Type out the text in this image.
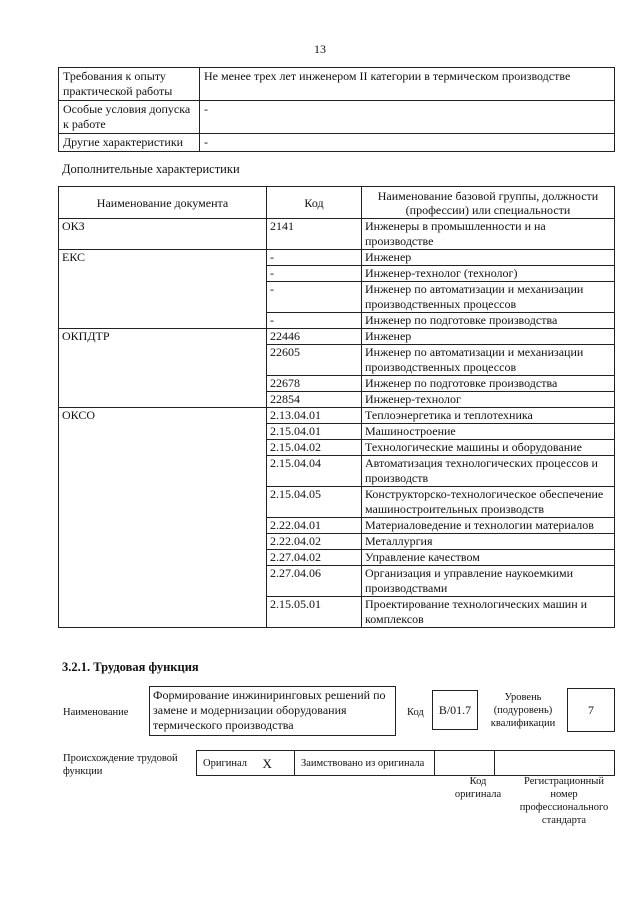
13
Требования к опыту практической работы	Не менее трех лет инженером II категории в термическом производстве
Особые условия допуска к работе	-
Другие характеристики	-
Дополнительные характеристики
Наименование документа	Код	Наименование базовой группы, должности (профессии) или специальности
ОКЗ	2141	Инженеры в промышленности и на производстве
ЕКС	-	Инженер
	-	Инженер-технолог (технолог)
	-	Инженер по автоматизации и механизации производственных процессов
	-	Инженер по подготовке производства
ОКПДТР	22446	Инженер
	22605	Инженер по автоматизации и механизации производственных процессов
	22678	Инженер по подготовке производства
	22854	Инженер-технолог
ОКСО	2.13.04.01	Теплоэнергетика и теплотехника
	2.15.04.01	Машиностроение
	2.15.04.02	Технологические машины и оборудование
	2.15.04.04	Автоматизация технологических процессов и производств
	2.15.04.05	Конструкторско-технологическое обеспечение машиностроительных производств
	2.22.04.01	Материаловедение и технологии материалов
	2.22.04.02	Металлургия
	2.27.04.02	Управление качеством
	2.27.04.06	Организация и управление наукоемкими производствами
	2.15.05.01	Проектирование технологических машин и комплексов
3.2.1. Трудовая функция
Наименование
Формирование инжиниринговых решений по замене и модернизации оборудования термического производства
Код	B/01.7
Уровень (подуровень) квалификации
7
Происхождение трудовой функции
Оригинал	X	Заимствовано из оригинала		
Код оригинала
Регистрационный номер профессионального стандарта
